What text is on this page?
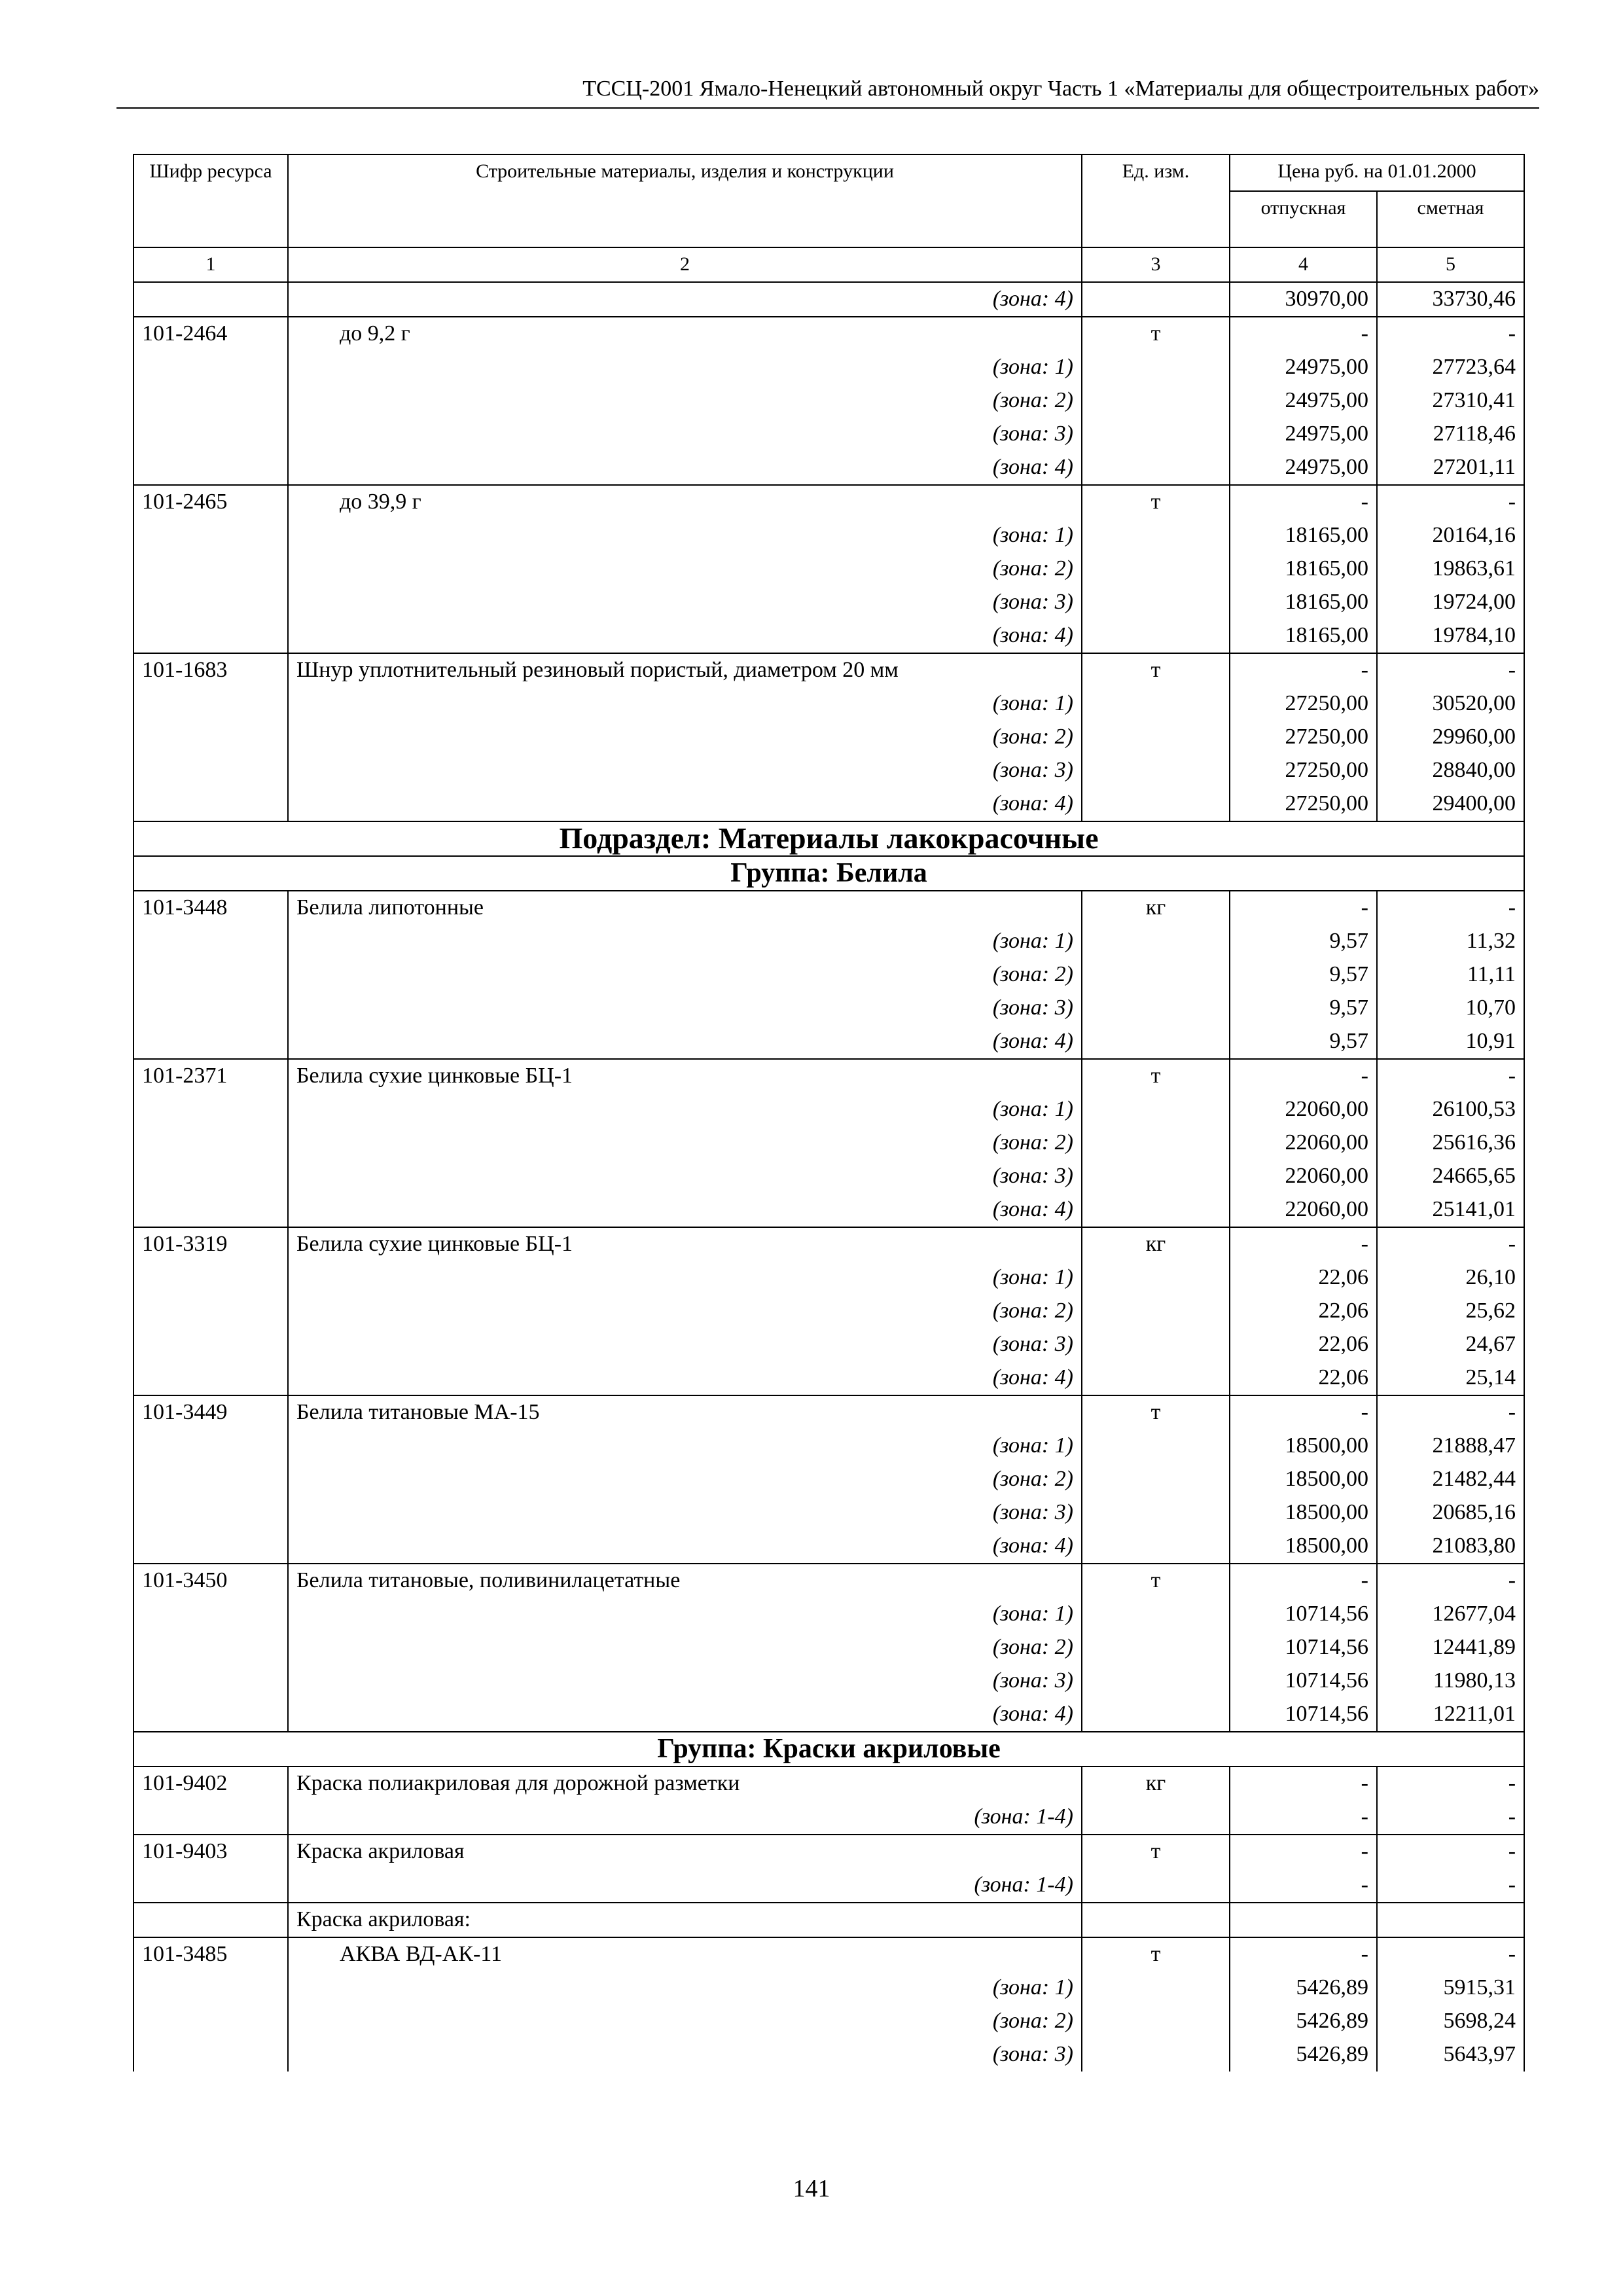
ТССЦ-2001 Ямало-Ненецкий автономный округ Часть 1 «Материалы для общестроительных работ»
Шифр ресурса	Строительные материалы, изделия и конструкции	Ед. изм.	Цена руб. на 01.01.2000	
			отпускная	сметная
1	2	3	4	5
	(зона: 4)		30970,00	33730,46
101-2464	до 9,2 г	т	-	-
	(зона: 1)		24975,00	27723,64
	(зона: 2)		24975,00	27310,41
	(зона: 3)		24975,00	27118,46
	(зона: 4)		24975,00	27201,11
101-2465	до 39,9 г	т	-	-
	(зона: 1)		18165,00	20164,16
	(зона: 2)		18165,00	19863,61
	(зона: 3)		18165,00	19724,00
	(зона: 4)		18165,00	19784,10
101-1683	Шнур уплотнительный резиновый пористый, диаметром 20 мм	т	-	-
	(зона: 1)		27250,00	30520,00
	(зона: 2)		27250,00	29960,00
	(зона: 3)		27250,00	28840,00
	(зона: 4)		27250,00	29400,00
Подраздел: Материалы лакокрасочные				
Группа: Белила				
101-3448	Белила липотонные	кг	-	-
	(зона: 1)		9,57	11,32
	(зона: 2)		9,57	11,11
	(зона: 3)		9,57	10,70
	(зона: 4)		9,57	10,91
101-2371	Белила сухие цинковые БЦ-1	т	-	-
	(зона: 1)		22060,00	26100,53
	(зона: 2)		22060,00	25616,36
	(зона: 3)		22060,00	24665,65
	(зона: 4)		22060,00	25141,01
101-3319	Белила сухие цинковые БЦ-1	кг	-	-
	(зона: 1)		22,06	26,10
	(зона: 2)		22,06	25,62
	(зона: 3)		22,06	24,67
	(зона: 4)		22,06	25,14
101-3449	Белила титановые МА-15	т	-	-
	(зона: 1)		18500,00	21888,47
	(зона: 2)		18500,00	21482,44
	(зона: 3)		18500,00	20685,16
	(зона: 4)		18500,00	21083,80
101-3450	Белила титановые, поливинилацетатные	т	-	-
	(зона: 1)		10714,56	12677,04
	(зона: 2)		10714,56	12441,89
	(зона: 3)		10714,56	11980,13
	(зона: 4)		10714,56	12211,01
Группа: Краски акриловые				
101-9402	Краска полиакриловая для дорожной разметки	кг	-	-
	(зона: 1-4)		-	-
101-9403	Краска акриловая	т	-	-
	(зона: 1-4)		-	-
	Краска акриловая:			
101-3485	АКВА ВД-АК-11	т	-	-
	(зона: 1)		5426,89	5915,31
	(зона: 2)		5426,89	5698,24
	(зона: 3)		5426,89	5643,97
141
